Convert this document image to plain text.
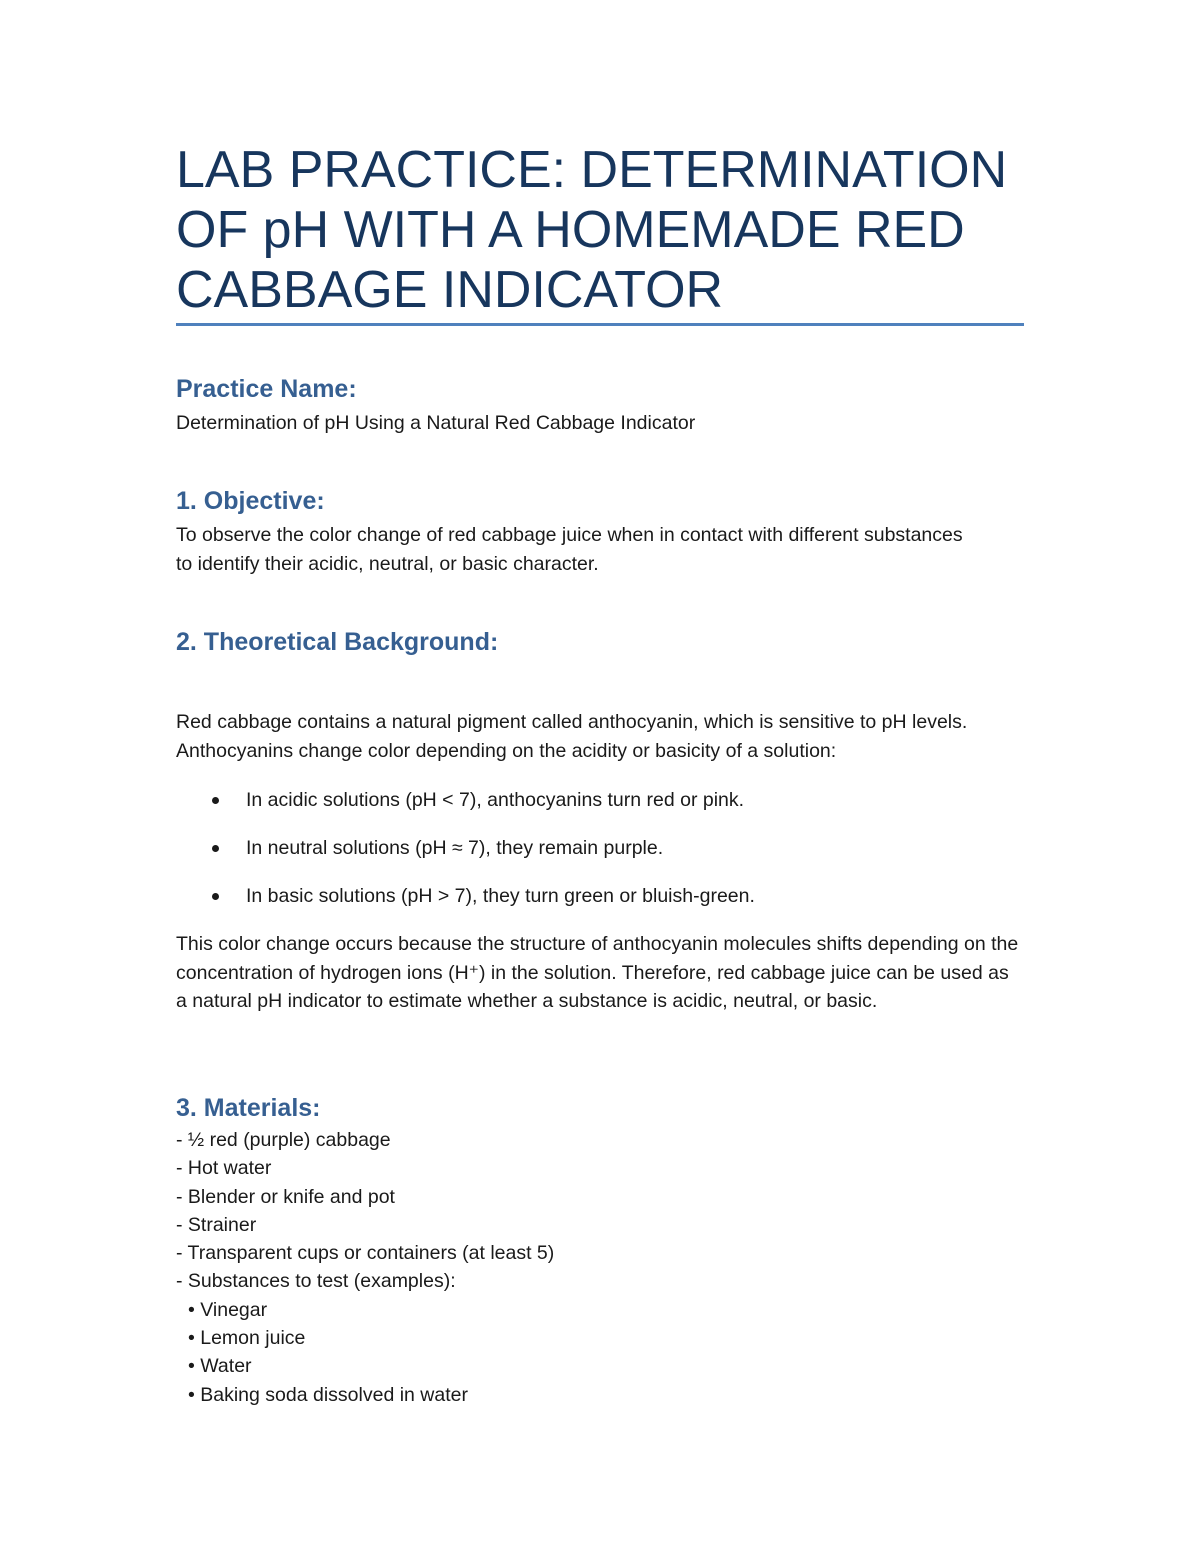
LAB PRACTICE: DETERMINATION OF pH WITH A HOMEMADE RED CABBAGE INDICATOR
Practice Name:

Determination of pH Using a Natural Red Cabbage Indicator

1. Objective:

To observe the color change of red cabbage juice when in contact with different substances to identify their acidic, neutral, or basic character.

2. Theoretical Background:

Red cabbage contains a natural pigment called anthocyanin, which is sensitive to pH levels. Anthocyanins change color depending on the acidity or basicity of a solution:

In acidic solutions (pH < 7), anthocyanins turn red or pink.
In neutral solutions (pH ≈ 7), they remain purple.
In basic solutions (pH > 7), they turn green or bluish-green.

This color change occurs because the structure of anthocyanin molecules shifts depending on the concentration of hydrogen ions (H⁺) in the solution. Therefore, red cabbage juice can be used as a natural pH indicator to estimate whether a substance is acidic, neutral, or basic.

3. Materials:
- ½ red (purple) cabbage
- Hot water
- Blender or knife and pot
- Strainer
- Transparent cups or containers (at least 5)
- Substances to test (examples):
• Vinegar
• Lemon juice
• Water
• Baking soda dissolved in water
